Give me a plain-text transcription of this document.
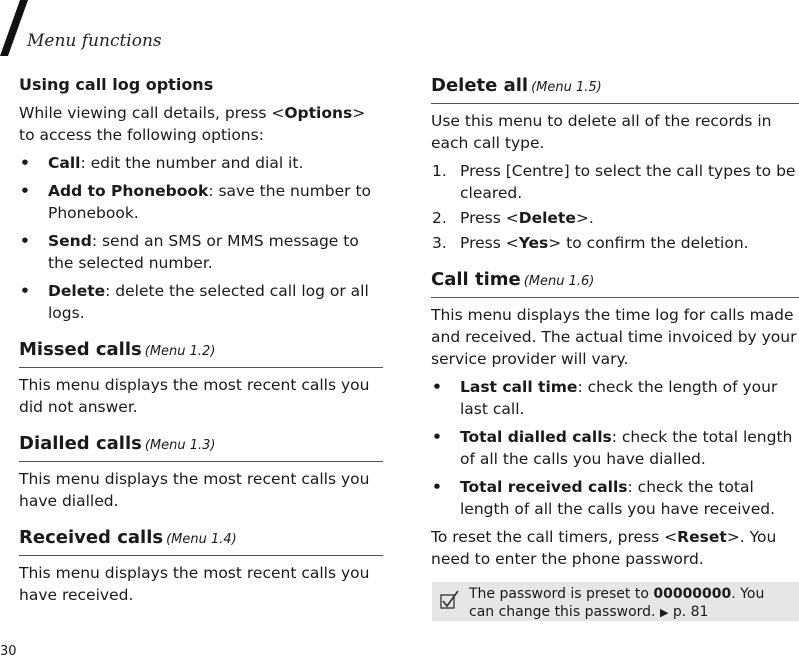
Menu functions
Using call log options

While viewing call details, press <Options> to access the following options:

• Call: edit the number and dial it.
• Add to Phonebook: save the number to Phonebook.
• Send: send an SMS or MMS message to the selected number.
• Delete: delete the selected call log or all logs.
Missed calls (Menu 1.2)

This menu displays the most recent calls you did not answer.

Dialled calls (Menu 1.3)

This menu displays the most recent calls you have dialled.

Received calls (Menu 1.4)

This menu displays the most recent calls you have received.

Delete all (Menu 1.5)

Use this menu to delete all of the records in each call type.

1. Press [Centre] to select the call types to be cleared.
2. Press <Delete>.
3. Press <Yes> to confirm the deletion.
Call time (Menu 1.6)

This menu displays the time log for calls made and received. The actual time invoiced by your service provider will vary.

• Last call time: check the length of your last call.
• Total dialled calls: check the total length of all the calls you have dialled.
• Total received calls: check the total length of all the calls you have received.

To reset the call timers, press <Reset>. You need to enter the phone password.

The password is preset to 00000000. You can change this password. ▶ p. 81
30
